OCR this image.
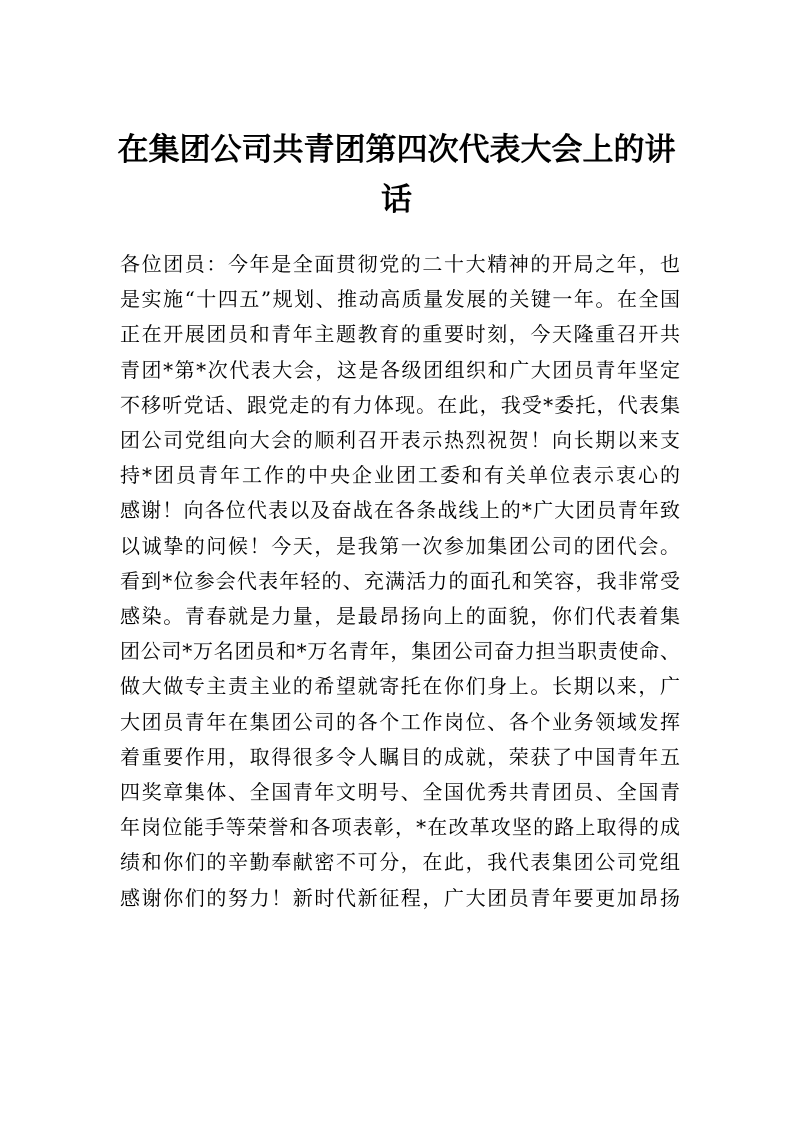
在集团公司共青团第四次代表大会上的讲
话
各位团员：今年是全面贯彻党的二十大精神的开局之年，也
是实施“十四五”规划、推动高质量发展的关键一年。在全国
正在开展团员和青年主题教育的重要时刻，今天隆重召开共
青团*第*次代表大会，这是各级团组织和广大团员青年坚定
不移听党话、跟党走的有力体现。在此，我受*委托，代表集
团公司党组向大会的顺利召开表示热烈祝贺！向长期以来支
持*团员青年工作的中央企业团工委和有关单位表示衷心的
感谢！向各位代表以及奋战在各条战线上的*广大团员青年致
以诚挚的问候！今天，是我第一次参加集团公司的团代会。
看到*位参会代表年轻的、充满活力的面孔和笑容，我非常受
感染。青春就是力量，是最昂扬向上的面貌，你们代表着集
团公司*万名团员和*万名青年，集团公司奋力担当职责使命、
做大做专主责主业的希望就寄托在你们身上。长期以来，广
大团员青年在集团公司的各个工作岗位、各个业务领域发挥
着重要作用，取得很多令人瞩目的成就，荣获了中国青年五
四奖章集体、全国青年文明号、全国优秀共青团员、全国青
年岗位能手等荣誉和各项表彰，*在改革攻坚的路上取得的成
绩和你们的辛勤奉献密不可分，在此，我代表集团公司党组
感谢你们的努力！新时代新征程，广大团员青年要更加昂扬
